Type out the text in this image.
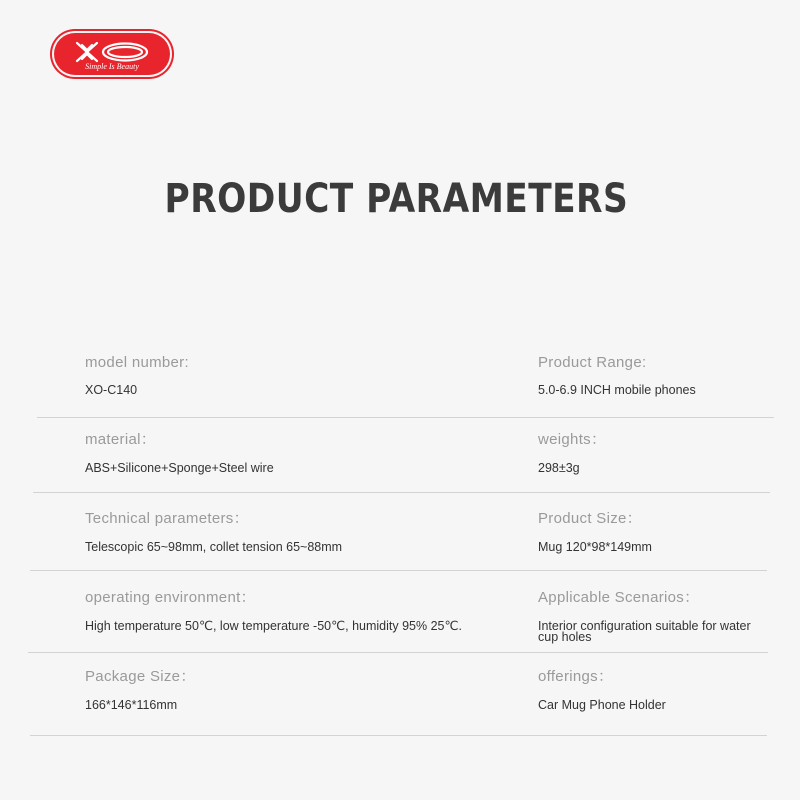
Simple Is Beauty
PRODUCT PARAMETERS
model number:
XO-C140
Product Range:
5.0-6.9 INCH mobile phones
material：
ABS+Silicone+Sponge+Steel wire
weights：
298±3g
Technical parameters：
Telescopic 65~98mm, collet tension 65~88mm
Product Size：
Mug 120*98*149mm
operating environment：
High temperature 50℃, low temperature -50℃, humidity 95% 25℃.
Applicable Scenarios：
Interior configuration suitable for water cup holes
Package Size：
166*146*116mm
offerings：
Car Mug Phone Holder
